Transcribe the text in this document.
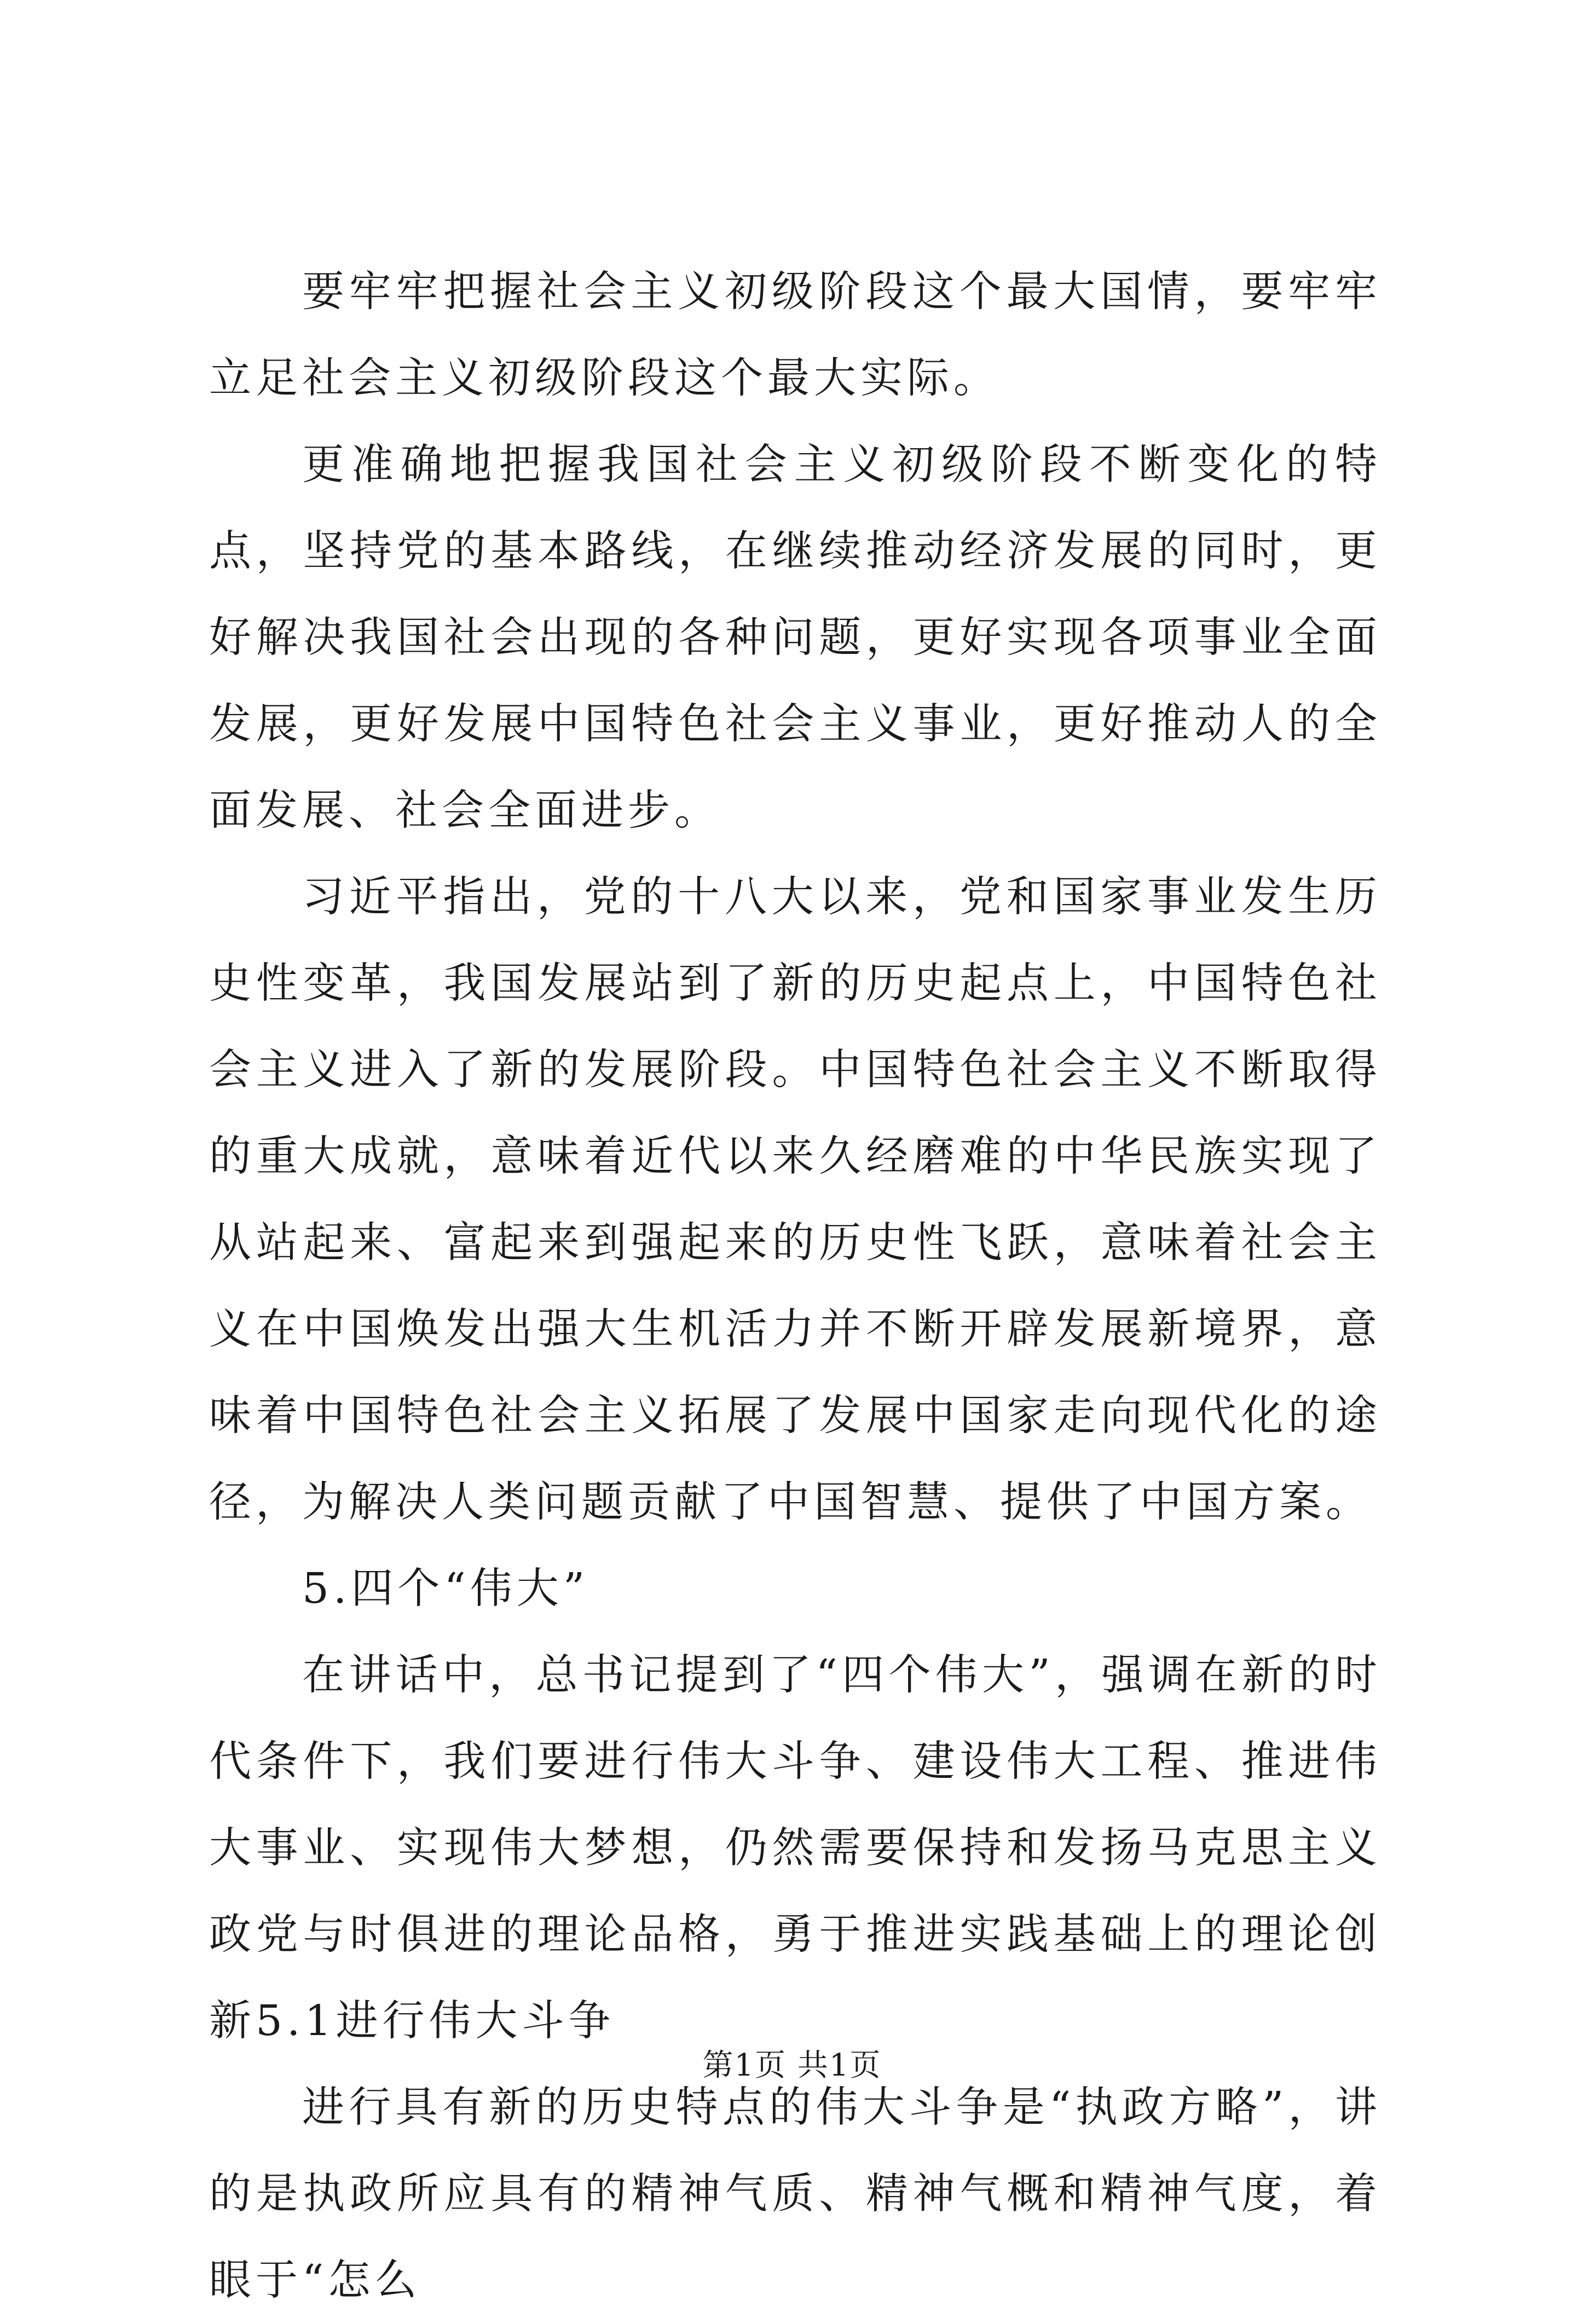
要牢牢把握社会主义初级阶段这个最大国情，要牢牢立足社会主义初级阶段这个最大实际。

更准确地把握我国社会主义初级阶段不断变化的特点，坚持党的基本路线，在继续推动经济发展的同时，更好解决我国社会出现的各种问题，更好实现各项事业全面发展，更好发展中国特色社会主义事业，更好推动人的全面发展、社会全面进步。

习近平指出，党的十八大以来，党和国家事业发生历史性变革，我国发展站到了新的历史起点上，中国特色社会主义进入了新的发展阶段。中国特色社会主义不断取得的重大成就，意味着近代以来久经磨难的中华民族实现了从站起来、富起来到强起来的历史性飞跃，意味着社会主义在中国焕发出强大生机活力并不断开辟发展新境界，意味着中国特色社会主义拓展了发展中国家走向现代化的途径，为解决人类问题贡献了中国智慧、提供了中国方案。

5.四个“伟大”

在讲话中，总书记提到了“四个伟大”，强调在新的时代条件下，我们要进行伟大斗争、建设伟大工程、推进伟大事业、实现伟大梦想，仍然需要保持和发扬马克思主义政党与时俱进的理论品格，勇于推进实践基础上的理论创新5.1进行伟大斗争

进行具有新的历史特点的伟大斗争是“执政方略”，讲的是执政所应具有的精神气质、精神气概和精神气度，着眼于“怎么

第1页 共1页
